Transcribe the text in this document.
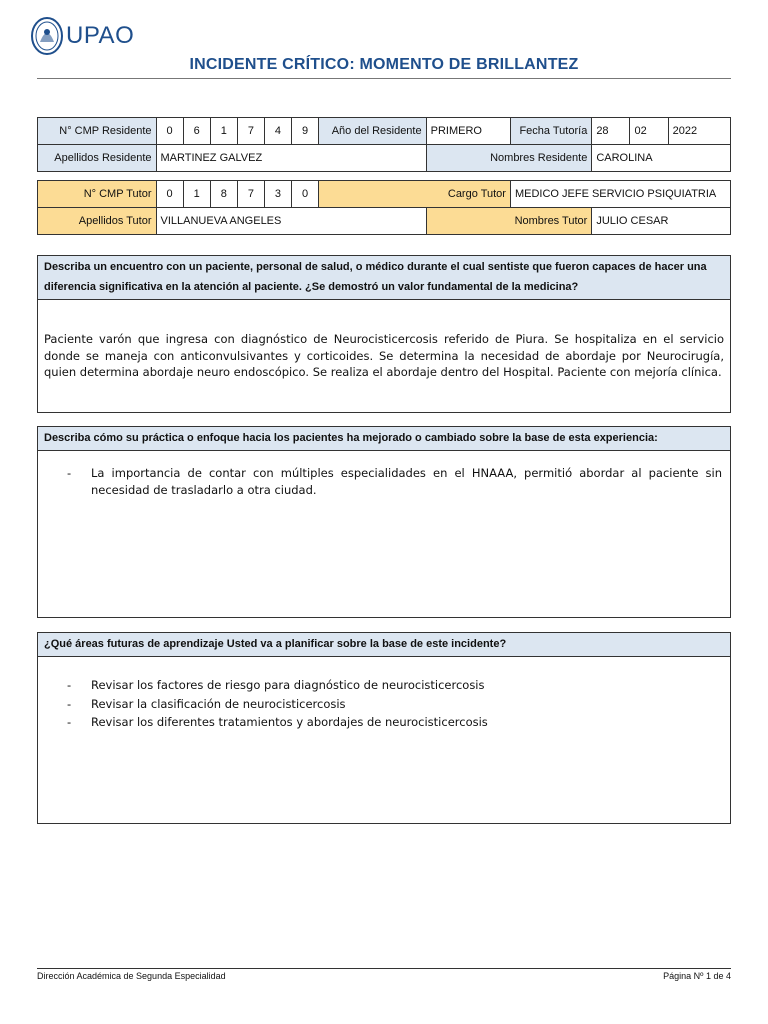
UPAO
INCIDENTE CRÍTICO: MOMENTO DE BRILLANTEZ
N° CMP Residente	0	6	1	7	4	9	Año del Residente	PRIMERO	Fecha Tutoría	28	02	2022
Apellidos Residente	MARTINEZ GALVEZ							Nombres Residente		CAROLINA		
N° CMP Tutor	0	1	8	7	3	0	Cargo Tutor		MEDICO JEFE SERVICIO PSIQUIATRIA	
Apellidos Tutor	VILLANUEVA ANGELES							Nombres Tutor		JULIO CESAR
Describa un encuentro con un paciente, personal de salud, o médico durante el cual sentiste que fueron capaces de hacer una diferencia significativa en la atención al paciente. ¿Se demostró un valor fundamental de la medicina?
Paciente varón que ingresa con diagnóstico de Neurocisticercosis referido de Piura. Se hospitaliza en el servicio donde se maneja con anticonvulsivantes y corticoides. Se determina la necesidad de abordaje por Neurocirugía, quien determina abordaje neuro endoscópico. Se realiza el abordaje dentro del Hospital. Paciente con mejoría clínica.
Describa cómo su práctica o enfoque hacia los pacientes ha mejorado o cambiado sobre la base de esta experiencia:
- La importancia de contar con múltiples especialidades en el HNAAA, permitió abordar al paciente sin necesidad de trasladarlo a otra ciudad.
¿Qué áreas futuras de aprendizaje Usted va a planificar sobre la base de este incidente?
- Revisar los factores de riesgo para diagnóstico de neurocisticercosis
- Revisar la clasificación de neurocisticercosis
- Revisar los diferentes tratamientos y abordajes de neurocisticercosis
Dirección Académica de Segunda Especialidad	Página Nº 1 de 4
